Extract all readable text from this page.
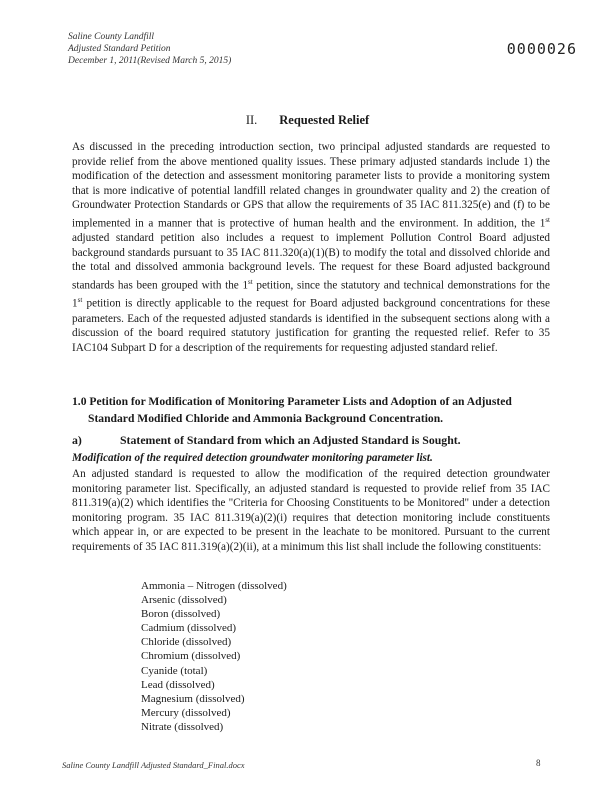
Saline County Landfill
Adjusted Standard Petition
December 1, 2011(Revised March 5, 2015)
0000026
II. Requested Relief

As discussed in the preceding introduction section, two principal adjusted standards are requested to provide relief from the above mentioned quality issues. These primary adjusted standards include 1) the modification of the detection and assessment monitoring parameter lists to provide a monitoring system that is more indicative of potential landfill related changes in groundwater quality and 2) the creation of Groundwater Protection Standards or GPS that allow the requirements of 35 IAC 811.325(e) and (f) to be implemented in a manner that is protective of human health and the environment. In addition, the 1st adjusted standard petition also includes a request to implement Pollution Control Board adjusted background standards pursuant to 35 IAC 811.320(a)(1)(B) to modify the total and dissolved chloride and the total and dissolved ammonia background levels. The request for these Board adjusted background standards has been grouped with the 1st petition, since the statutory and technical demonstrations for the 1st petition is directly applicable to the request for Board adjusted background concentrations for these parameters. Each of the requested adjusted standards is identified in the subsequent sections along with a discussion of the board required statutory justification for granting the requested relief. Refer to 35 IAC104 Subpart D for a description of the requirements for requesting adjusted standard relief.

1.0 Petition for Modification of Monitoring Parameter Lists and Adoption of an Adjusted
Standard Modified Chloride and Ammonia Background Concentration.

a)	Statement of Standard from which an Adjusted Standard is Sought.
Modification of the required detection groundwater monitoring parameter list.

An adjusted standard is requested to allow the modification of the required detection groundwater monitoring parameter list. Specifically, an adjusted standard is requested to provide relief from 35 IAC 811.319(a)(2) which identifies the "Criteria for Choosing Constituents to be Monitored" under a detection monitoring program. 35 IAC 811.319(a)(2)(i) requires that detection monitoring include constituents which appear in, or are expected to be present in the leachate to be monitored. Pursuant to the current requirements of 35 IAC 811.319(a)(2)(ii), at a minimum this list shall include the following constituents:

Ammonia – Nitrogen (dissolved)
Arsenic (dissolved)
Boron (dissolved)
Cadmium (dissolved)
Chloride (dissolved)
Chromium (dissolved)
Cyanide (total)
Lead (dissolved)
Magnesium (dissolved)
Mercury (dissolved)
Nitrate (dissolved)
Saline County Landfill Adjusted Standard_Final.docx	8
